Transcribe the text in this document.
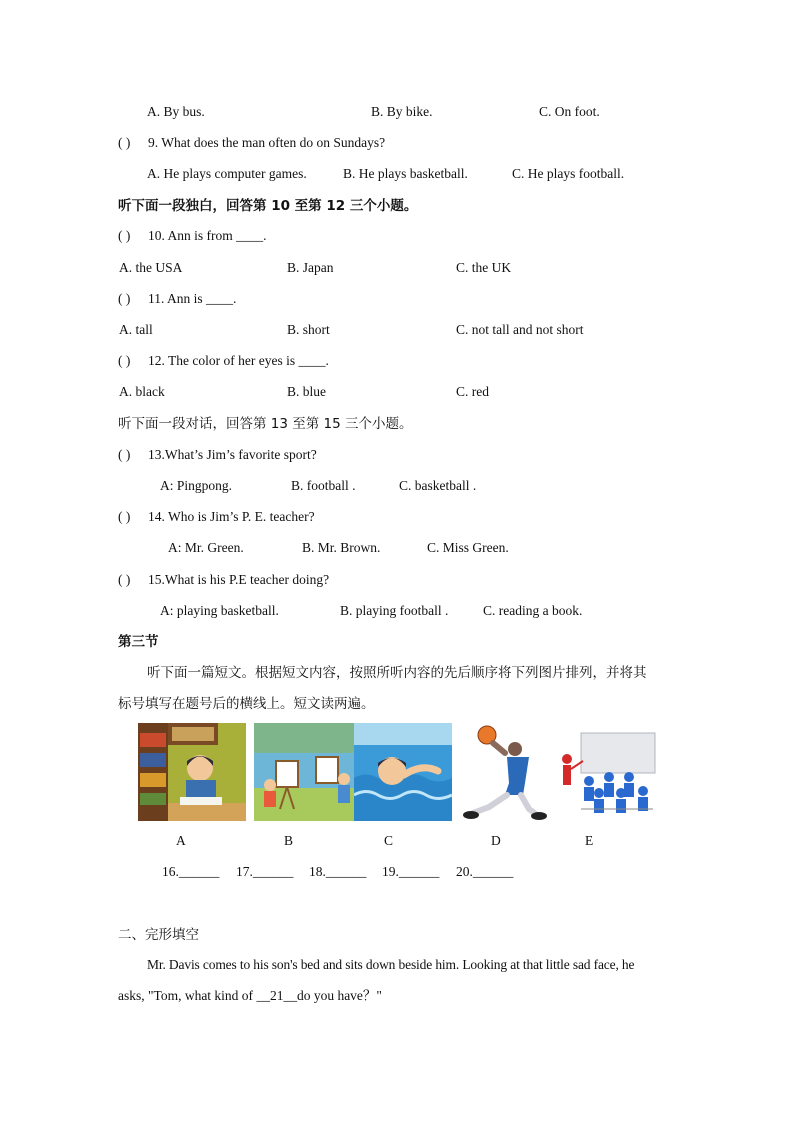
A. By bus.	B. By bike.	C. On foot.
( ) 9. What does the man often do on Sundays?
A. He plays computer games.	B. He plays basketball.	C. He plays football.
听下面一段独白，回答第 10 至第 12 三个小题。
( ) 10. Ann is from ____.
A. the USA	B. Japan	C. the UK
( ) 11. Ann is ____.
A. tall	B. short	C. not tall and not short
( ) 12. The color of her eyes is ____.
A. black	B. blue	C. red
听下面一段对话，回答第 13 至第 15 三个小题。
( ) 13.What’s Jim’s favorite sport?
A: Pingpong.	B. football .	C. basketball .
( ) 14. Who is Jim’s P. E. teacher?
A: Mr. Green.	B. Mr. Brown.	C. Miss Green.
( ) 15.What is his P.E teacher doing?
A: playing basketball.	B. playing football .	C. reading a book.
第三节
听下面一篇短文。根据短文内容，按照所听内容的先后顺序将下列图片排列，并将其
标号填写在题号后的横线上。短文读两遍。
A	B	C	D	E
16.______ 17.______ 18.______ 19.______ 20.______
二、完形填空
Mr. Davis comes to his son's bed and sits down beside him. Looking at that little sad face, he
asks, "Tom, what kind of __21__do you have？"
